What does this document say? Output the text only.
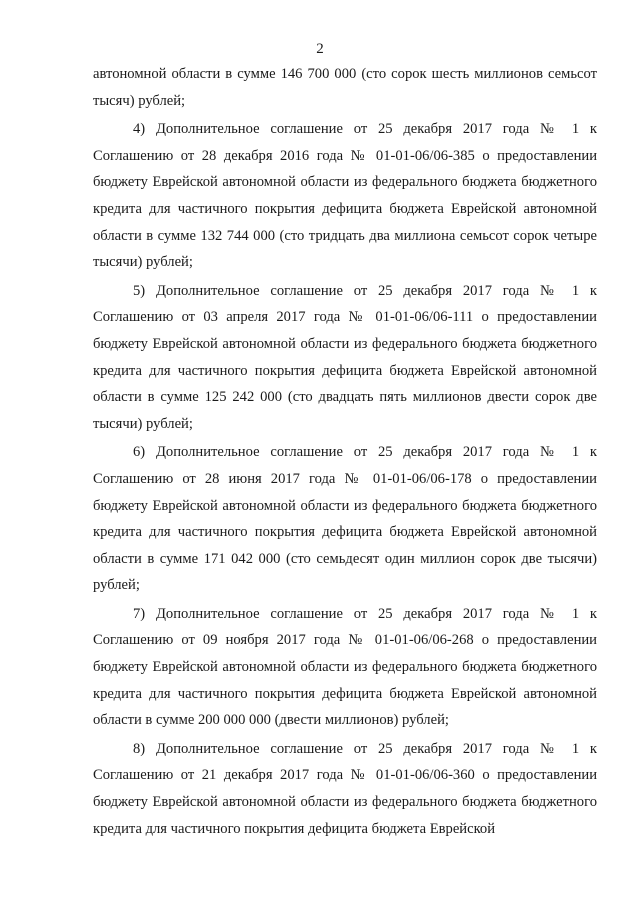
2

автономной области в сумме 146 700 000 (сто сорок шесть миллионов семьсот тысяч) рублей;

4) Дополнительное соглашение от 25 декабря 2017 года № 1 к Соглашению от 28 декабря 2016 года № 01-01-06/06-385 о предоставлении бюджету Еврейской автономной области из федерального бюджета бюджетного кредита для частичного покрытия дефицита бюджета Еврейской автономной области в сумме 132 744 000 (сто тридцать два миллиона семьсот сорок четыре тысячи) рублей;

5) Дополнительное соглашение от 25 декабря 2017 года № 1 к Соглашению от 03 апреля 2017 года № 01-01-06/06-111 о предоставлении бюджету Еврейской автономной области из федерального бюджета бюджетного кредита для частичного покрытия дефицита бюджета Еврейской автономной области в сумме 125 242 000 (сто двадцать пять миллионов двести сорок две тысячи) рублей;

6) Дополнительное соглашение от 25 декабря 2017 года № 1 к Соглашению от 28 июня 2017 года № 01-01-06/06-178 о предоставлении бюджету Еврейской автономной области из федерального бюджета бюджетного кредита для частичного покрытия дефицита бюджета Еврейской автономной области в сумме 171 042 000 (сто семьдесят один миллион сорок две тысячи) рублей;

7) Дополнительное соглашение от 25 декабря 2017 года № 1 к Соглашению от 09 ноября 2017 года № 01-01-06/06-268 о предоставлении бюджету Еврейской автономной области из федерального бюджета бюджетного кредита для частичного покрытия дефицита бюджета Еврейской автономной области в сумме 200 000 000 (двести миллионов) рублей;

8) Дополнительное соглашение от 25 декабря 2017 года № 1 к Соглашению от 21 декабря 2017 года № 01-01-06/06-360 о предоставлении бюджету Еврейской автономной области из федерального бюджета бюджетного кредита для частичного покрытия дефицита бюджета Еврейской
